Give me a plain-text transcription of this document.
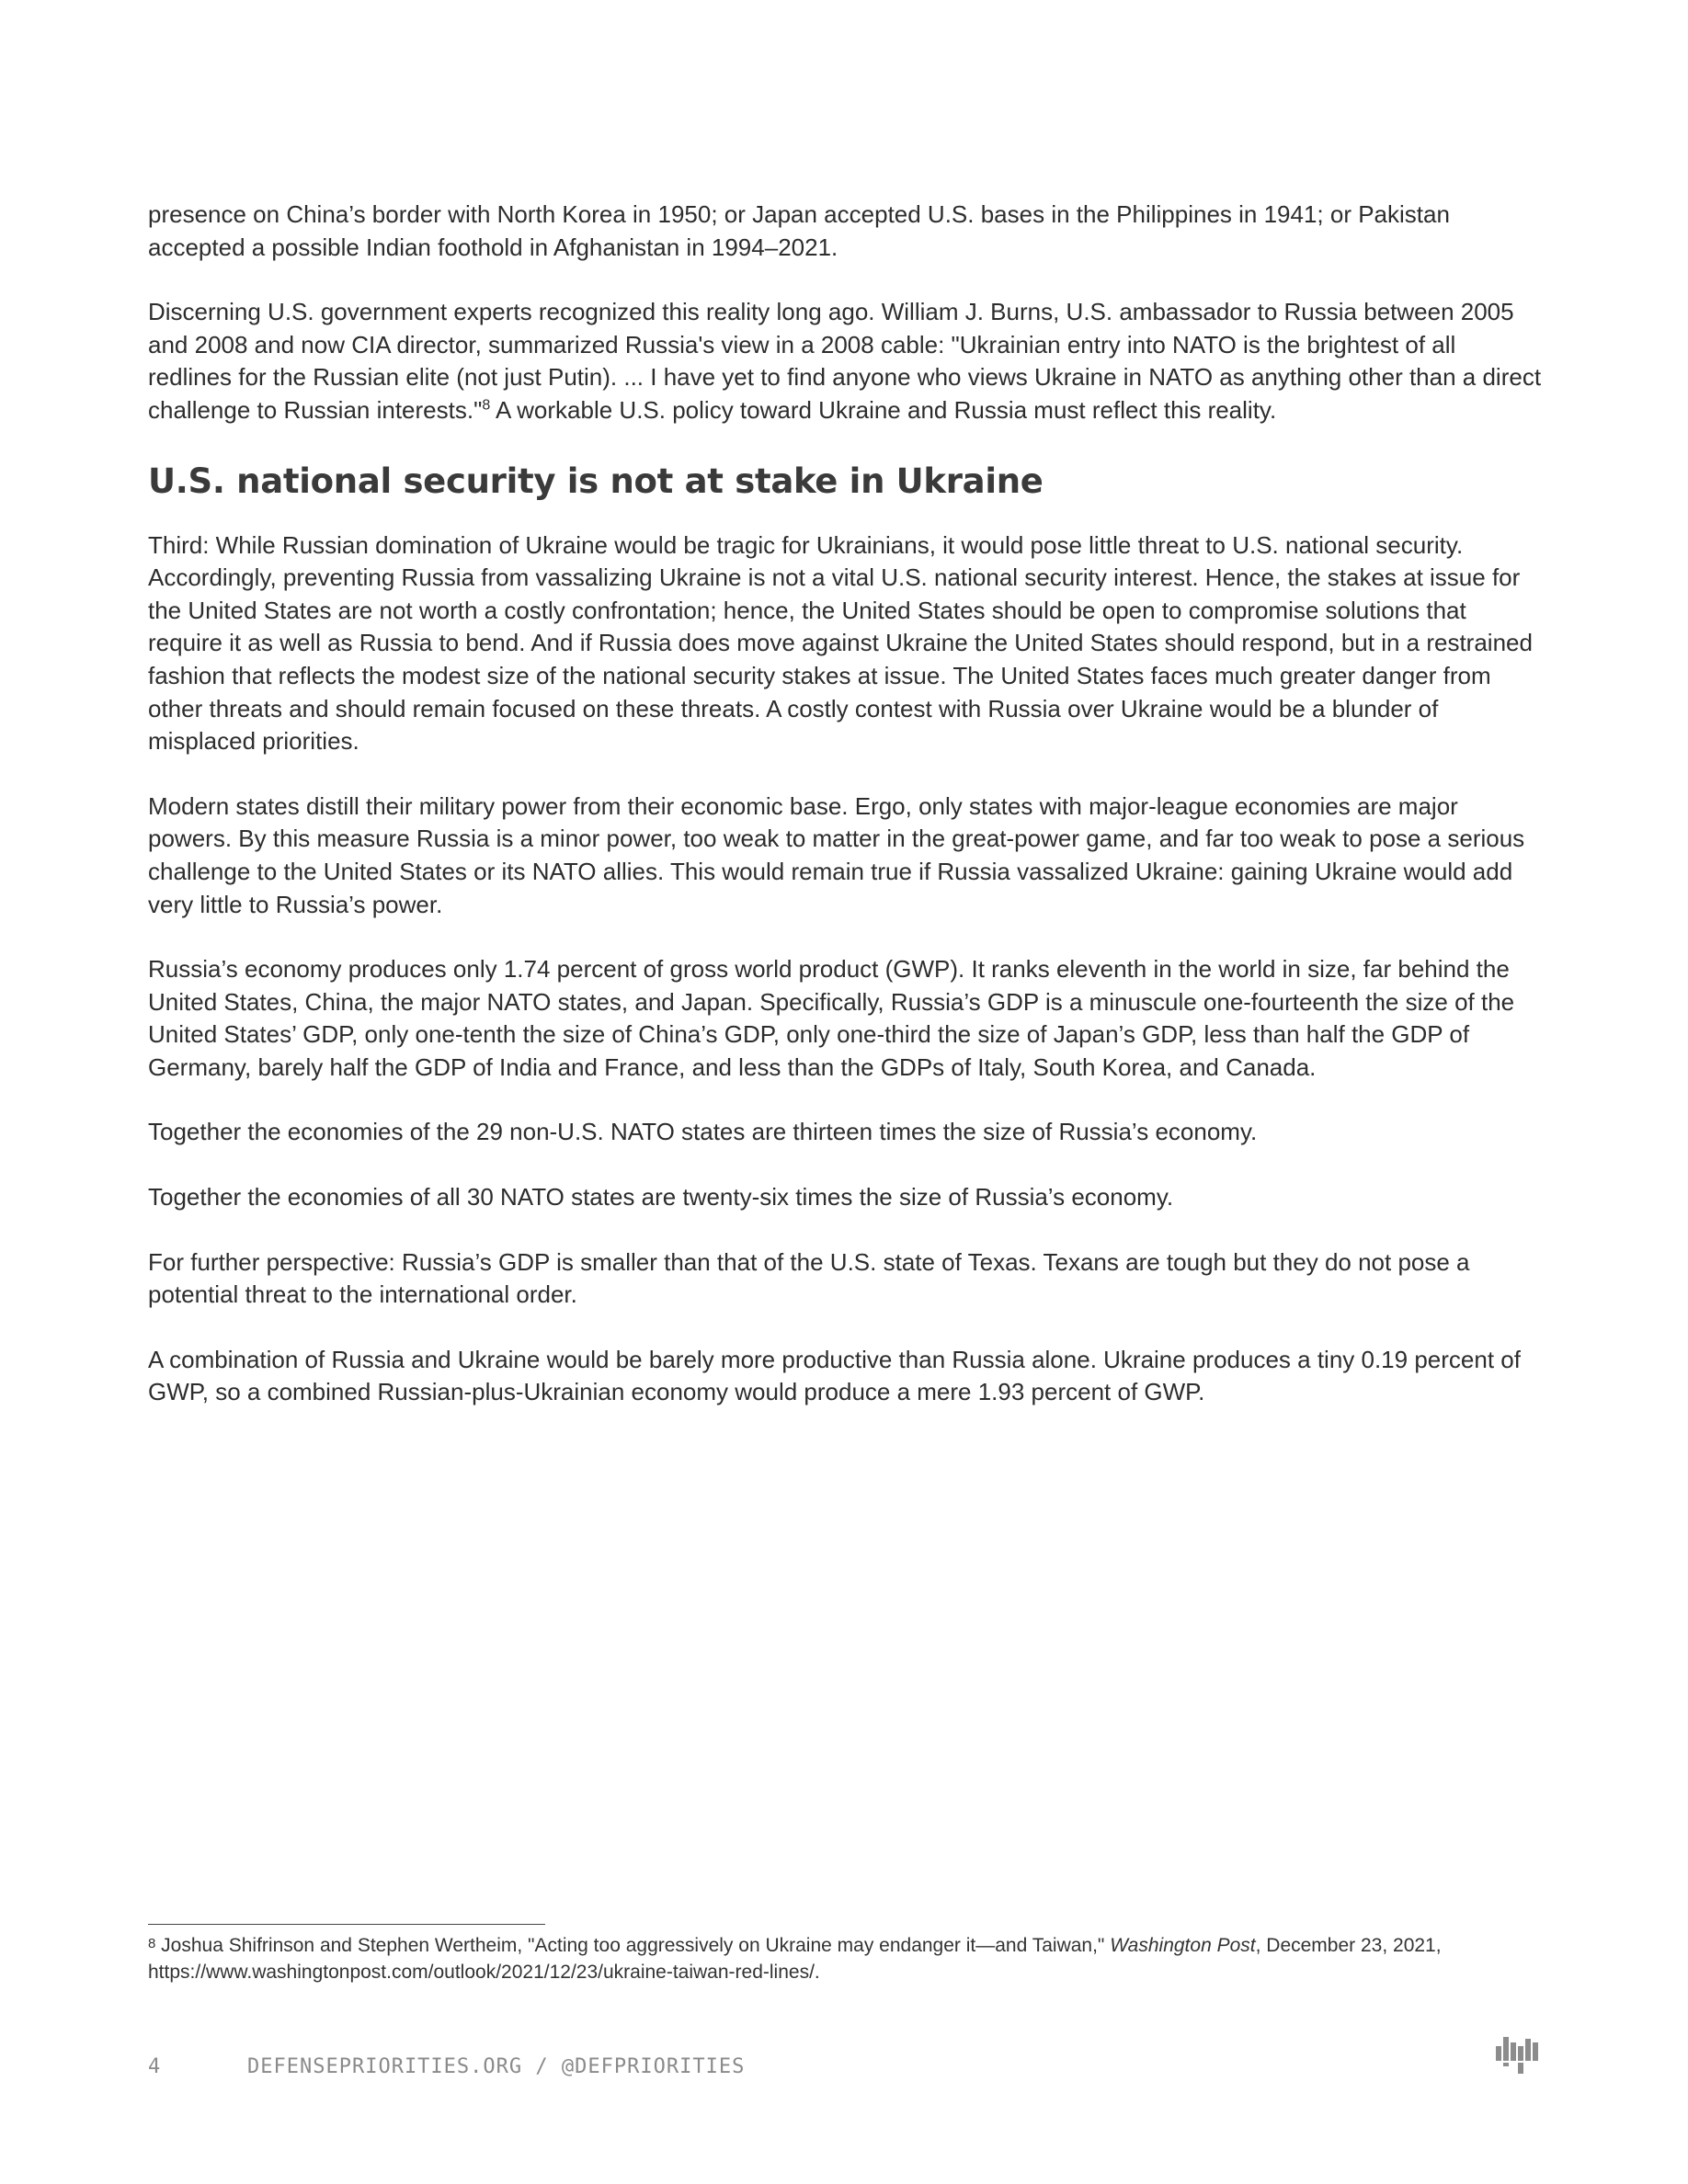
presence on China’s border with North Korea in 1950; or Japan accepted U.S. bases in the Philippines in 1941; or Pakistan accepted a possible Indian foothold in Afghanistan in 1994–2021.

Discerning U.S. government experts recognized this reality long ago. William J. Burns, U.S. ambassador to Russia between 2005 and 2008 and now CIA director, summarized Russia's view in a 2008 cable: "Ukrainian entry into NATO is the brightest of all redlines for the Russian elite (not just Putin). ... I have yet to find anyone who views Ukraine in NATO as anything other than a direct challenge to Russian interests."$^8$ A workable U.S. policy toward Ukraine and Russia must reflect this reality.

U.S. national security is not at stake in Ukraine

Third: While Russian domination of Ukraine would be tragic for Ukrainians, it would pose little threat to U.S. national security. Accordingly, preventing Russia from vassalizing Ukraine is not a vital U.S. national security interest. Hence, the stakes at issue for the United States are not worth a costly confrontation; hence, the United States should be open to compromise solutions that require it as well as Russia to bend. And if Russia does move against Ukraine the United States should respond, but in a restrained fashion that reflects the modest size of the national security stakes at issue. The United States faces much greater danger from other threats and should remain focused on these threats. A costly contest with Russia over Ukraine would be a blunder of misplaced priorities.

Modern states distill their military power from their economic base. Ergo, only states with major-league economies are major powers. By this measure Russia is a minor power, too weak to matter in the great-power game, and far too weak to pose a serious challenge to the United States or its NATO allies. This would remain true if Russia vassalized Ukraine: gaining Ukraine would add very little to Russia’s power.

Russia’s economy produces only 1.74 percent of gross world product (GWP). It ranks eleventh in the world in size, far behind the United States, China, the major NATO states, and Japan. Specifically, Russia’s GDP is a minuscule one-fourteenth the size of the United States’ GDP, only one-tenth the size of China’s GDP, only one-third the size of Japan’s GDP, less than half the GDP of Germany, barely half the GDP of India and France, and less than the GDPs of Italy, South Korea, and Canada.

Together the economies of the 29 non-U.S. NATO states are thirteen times the size of Russia’s economy.

Together the economies of all 30 NATO states are twenty-six times the size of Russia’s economy.

For further perspective: Russia’s GDP is smaller than that of the U.S. state of Texas. Texans are tough but they do not pose a potential threat to the international order.

A combination of Russia and Ukraine would be barely more productive than Russia alone. Ukraine produces a tiny 0.19 percent of GWP, so a combined Russian-plus-Ukrainian economy would produce a mere 1.93 percent of GWP.

8 Joshua Shifrinson and Stephen Wertheim, "Acting too aggressively on Ukraine may endanger it—and Taiwan," Washington Post, December 23, 2021, https://www.washingtonpost.com/outlook/2021/12/23/ukraine-taiwan-red-lines/.
4	DEFENSEPRIORITIES.ORG / @DEFPRIORITIES
